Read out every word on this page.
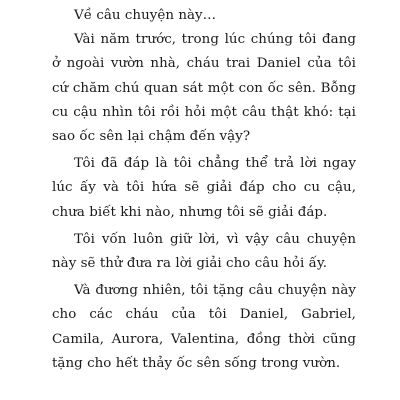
Về câu chuyện này…

Vài năm trước, trong lúc chúng tôi đang ở ngoài vườn nhà, cháu trai Daniel của tôi cứ chăm chú quan sát một con ốc sên. Bỗng cu cậu nhìn tôi rồi hỏi một câu thật khó: tại sao ốc sên lại chậm đến vậy?

Tôi đã đáp là tôi chẳng thể trả lời ngay lúc ấy và tôi hứa sẽ giải đáp cho cu cậu, chưa biết khi nào, nhưng tôi sẽ giải đáp.

Tôi vốn luôn giữ lời, vì vậy câu chuyện này sẽ thử đưa ra lời giải cho câu hỏi ấy.

Và đương nhiên, tôi tặng câu chuyện này cho các cháu của tôi Daniel, Gabriel, Camila, Aurora, Valentina, đồng thời cũng tặng cho hết thảy ốc sên sống trong vườn.
